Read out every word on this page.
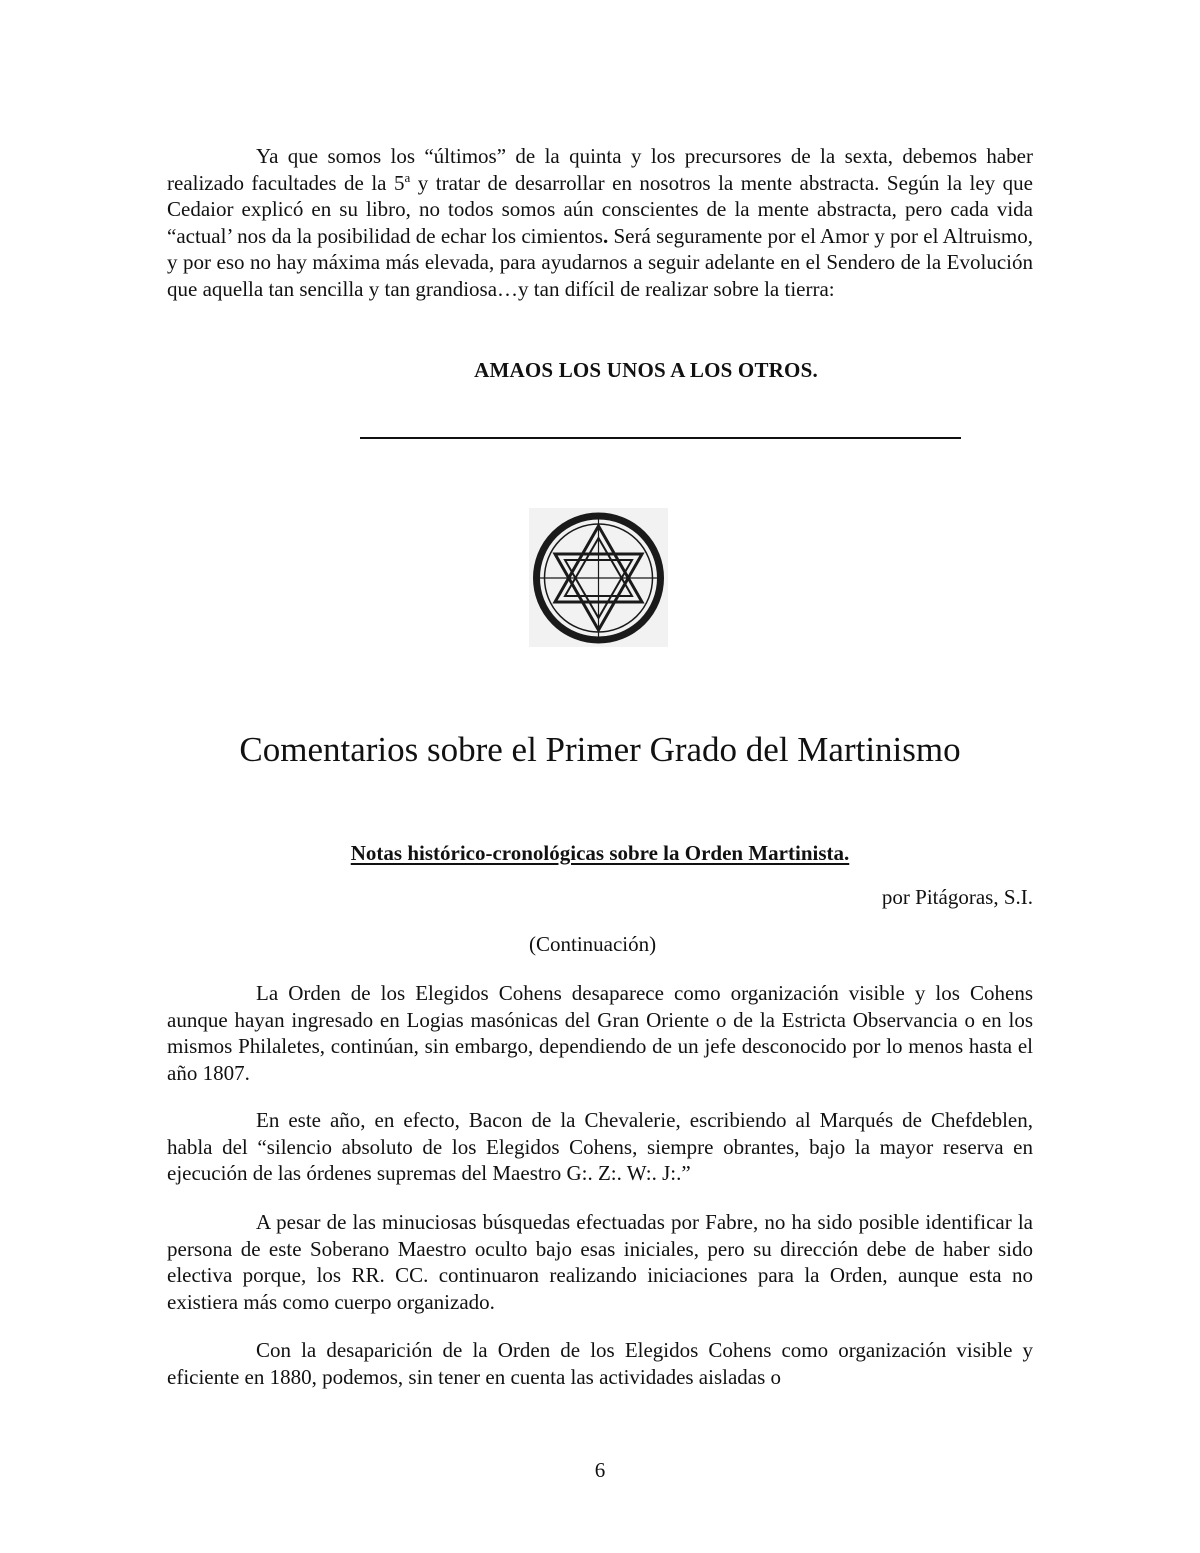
Ya que somos los “últimos” de la quinta y los precursores de la sexta, debemos haber realizado facultades de la 5$^a$ y tratar de desarrollar en nosotros la mente abstracta. Según la ley que Cedaior explicó en su libro, no todos somos aún conscientes de la mente abstracta, pero cada vida “actual’ nos da la posibilidad de echar los cimientos. Será seguramente por el Amor y por el Altruismo, y por eso no hay máxima más elevada, para ayudarnos a seguir adelante en el Sendero de la Evolución que aquella tan sencilla y tan grandiosa…y tan difícil de realizar sobre la tierra:

AMAOS LOS UNOS A LOS OTROS.

Comentarios sobre el Primer Grado del Martinismo

Notas histórico-cronológicas sobre la Orden Martinista.

por Pitágoras, S.I.

(Continuación)

La Orden de los Elegidos Cohens desaparece como organización visible y los Cohens aunque hayan ingresado en Logias masónicas del Gran Oriente o de la Estricta Observancia o en los mismos Philaletes, continúan, sin embargo, dependiendo de un jefe desconocido por lo menos hasta el año 1807.

En este año, en efecto, Bacon de la Chevalerie, escribiendo al Marqués de Chefdeblen, habla del “silencio absoluto de los Elegidos Cohens, siempre obrantes, bajo la mayor reserva en ejecución de las órdenes supremas del Maestro G:. Z:. W:. J:.”

A pesar de las minuciosas búsquedas efectuadas por Fabre, no ha sido posible identificar la persona de este Soberano Maestro oculto bajo esas iniciales, pero su dirección debe de haber sido electiva porque, los RR. CC. continuaron realizando iniciaciones para la Orden, aunque esta no existiera más como cuerpo organizado.

Con la desaparición de la Orden de los Elegidos Cohens como organización visible y eficiente en 1880, podemos, sin tener en cuenta las actividades aisladas o

6
